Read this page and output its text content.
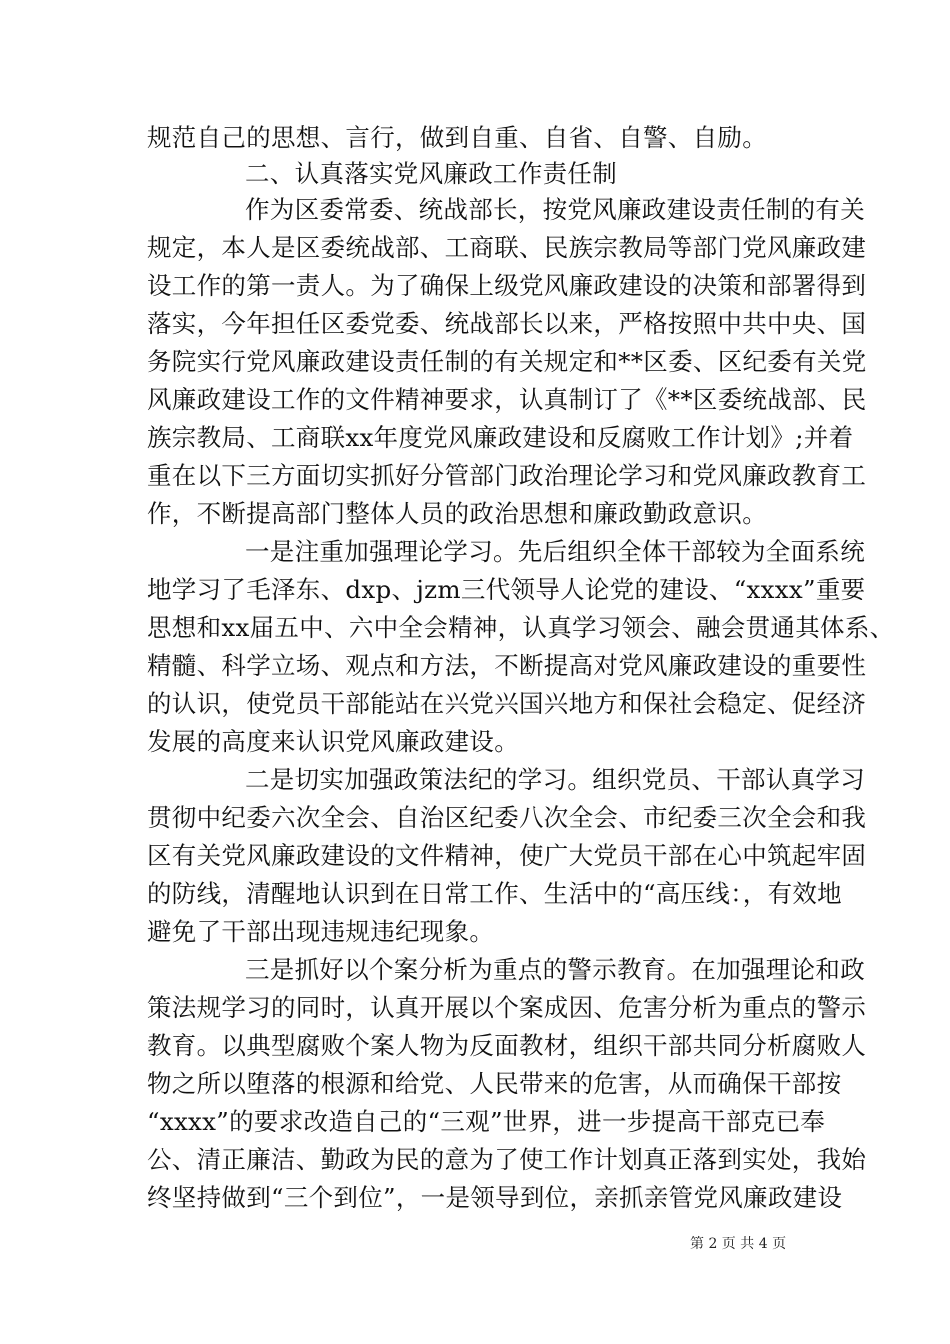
规范自己的思想、言行，做到自重、自省、自警、自励。
二、认真落实党风廉政工作责任制
作为区委常委、统战部长，按党风廉政建设责任制的有关
规定，本人是区委统战部、工商联、民族宗教局等部门党风廉政建
设工作的第一责人。为了确保上级党风廉政建设的决策和部署得到
落实，今年担任区委党委、统战部长以来，严格按照中共中央、国
务院实行党风廉政建设责任制的有关规定和**区委、区纪委有关党
风廉政建设工作的文件精神要求，认真制订了《**区委统战部、民
族宗教局、工商联xx年度党风廉政建设和反腐败工作计划》;并着
重在以下三方面切实抓好分管部门政治理论学习和党风廉政教育工
作，不断提高部门整体人员的政治思想和廉政勤政意识。
一是注重加强理论学习。先后组织全体干部较为全面系统
地学习了毛泽东、dxp、jzm三代领导人论党的建设、“xxxx”重要
思想和xx届五中、六中全会精神，认真学习领会、融会贯通其体系、
精髓、科学立场、观点和方法，不断提高对党风廉政建设的重要性
的认识，使党员干部能站在兴党兴国兴地方和保社会稳定、促经济
发展的高度来认识党风廉政建设。
二是切实加强政策法纪的学习。组织党员、干部认真学习
贯彻中纪委六次全会、自治区纪委八次全会、市纪委三次全会和我
区有关党风廉政建设的文件精神，使广大党员干部在心中筑起牢固
的防线，清醒地认识到在日常工作、生活中的“高压线：，有效地
避免了干部出现违规违纪现象。
三是抓好以个案分析为重点的警示教育。在加强理论和政
策法规学习的同时，认真开展以个案成因、危害分析为重点的警示
教育。以典型腐败个案人物为反面教材，组织干部共同分析腐败人
物之所以堕落的根源和给党、人民带来的危害，从而确保干部按
“xxxx”的要求改造自己的“三观”世界，进一步提高干部克已奉
公、清正廉洁、勤政为民的意为了使工作计划真正落到实处，我始
终坚持做到“三个到位”，一是领导到位，亲抓亲管党风廉政建设
第 2 页 共 4 页
